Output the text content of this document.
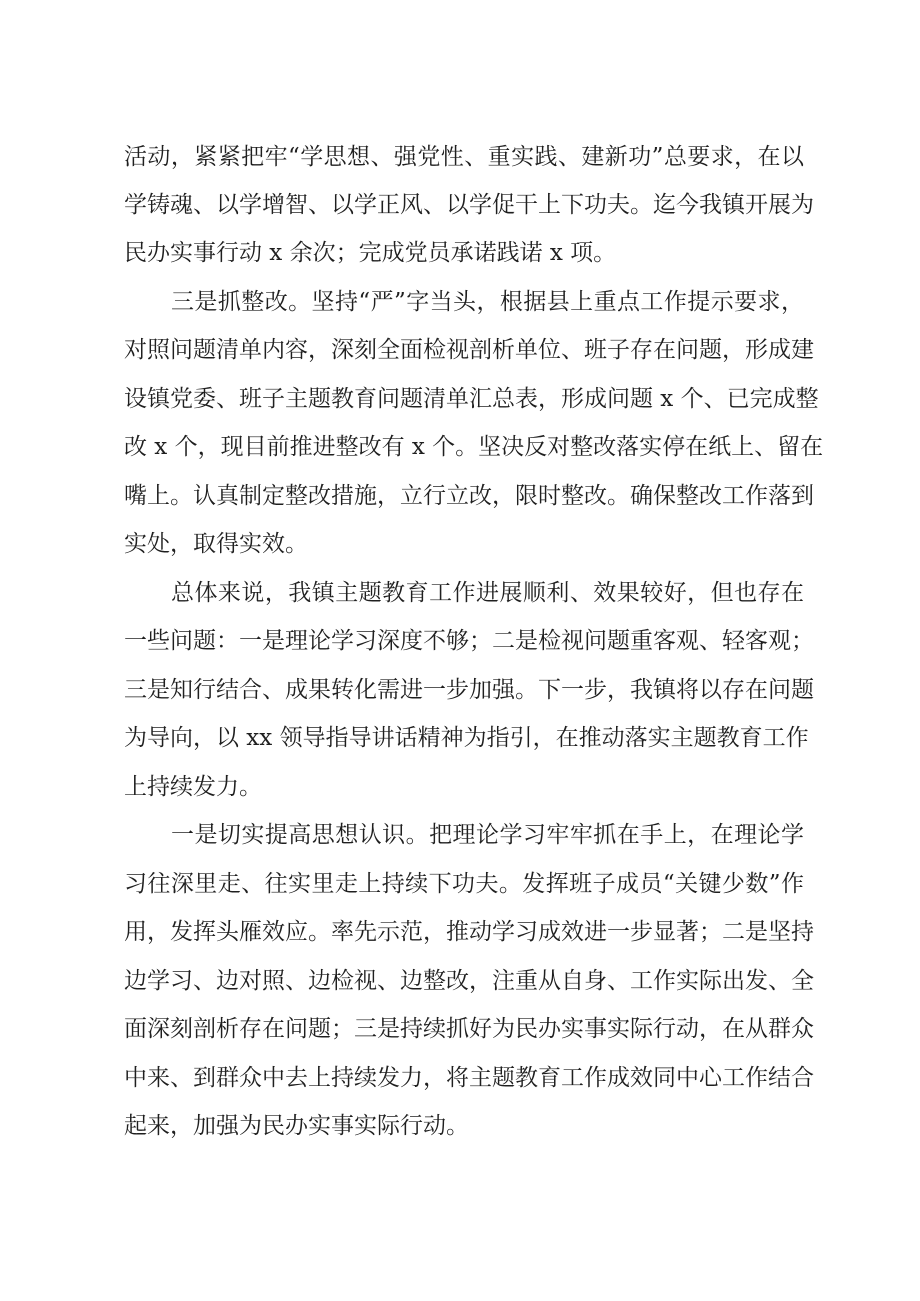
活动，紧紧把牢“学思想、强党性、重实践、建新功”总要求，在以
学铸魂、以学增智、以学正风、以学促干上下功夫。迄今我镇开展为
民办实事行动 x 余次；完成党员承诺践诺 x 项。
三是抓整改。坚持“严”字当头，根据县上重点工作提示要求，
对照问题清单内容，深刻全面检视剖析单位、班子存在问题，形成建
设镇党委、班子主题教育问题清单汇总表，形成问题 x 个、已完成整
改 x 个，现目前推进整改有 x 个。坚决反对整改落实停在纸上、留在
嘴上。认真制定整改措施，立行立改，限时整改。确保整改工作落到
实处，取得实效。
总体来说，我镇主题教育工作进展顺利、效果较好，但也存在
一些问题：一是理论学习深度不够；二是检视问题重客观、轻客观；
三是知行结合、成果转化需进一步加强。下一步，我镇将以存在问题
为导向，以 xx 领导指导讲话精神为指引，在推动落实主题教育工作
上持续发力。
一是切实提高思想认识。把理论学习牢牢抓在手上，在理论学
习往深里走、往实里走上持续下功夫。发挥班子成员“关键少数”作
用，发挥头雁效应。率先示范，推动学习成效进一步显著；二是坚持
边学习、边对照、边检视、边整改，注重从自身、工作实际出发、全
面深刻剖析存在问题；三是持续抓好为民办实事实际行动，在从群众
中来、到群众中去上持续发力，将主题教育工作成效同中心工作结合
起来，加强为民办实事实际行动。
